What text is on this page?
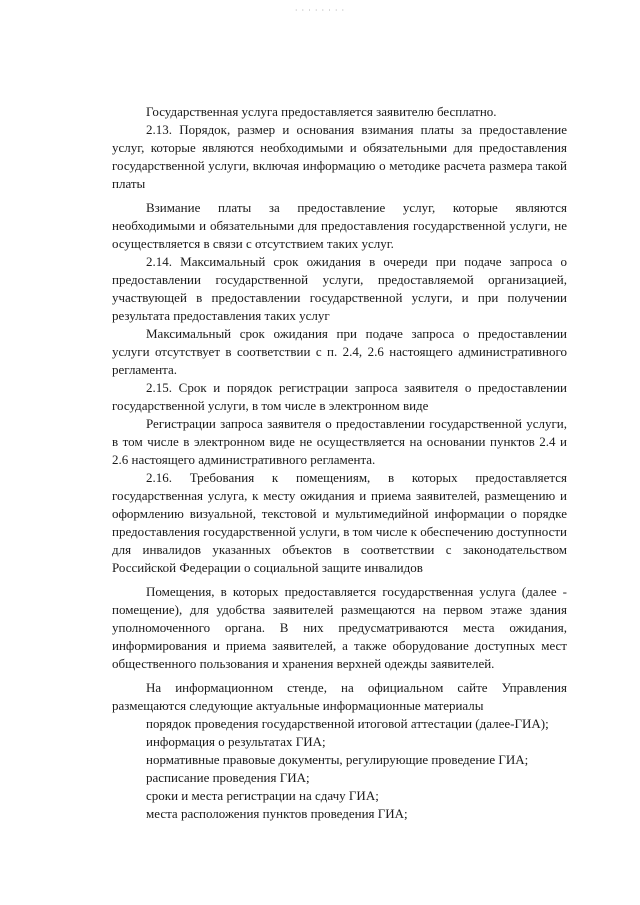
· · · · · · · ·

Государственная услуга предоставляется заявителю бесплатно.

2.13. Порядок, размер и основания взимания платы за предоставление услуг, которые являются необходимыми и обязательными для предоставления государственной услуги, включая информацию о методике расчета размера такой платы

Взимание платы за предоставление услуг, которые являются необходимыми и обязательными для предоставления государственной услуги, не осуществляется в связи с отсутствием таких услуг.

2.14. Максимальный срок ожидания в очереди при подаче запроса о предоставлении государственной услуги, предоставляемой организацией, участвующей в предоставлении государственной услуги, и при получении результата предоставления таких услуг

Максимальный срок ожидания при подаче запроса о предоставлении услуги отсутствует в соответствии с п. 2.4, 2.6 настоящего административного регламента.

2.15. Срок и порядок регистрации запроса заявителя о предоставлении государственной услуги, в том числе в электронном виде

Регистрации запроса заявителя о предоставлении государственной услуги, в том числе в электронном виде не осуществляется на основании пунктов 2.4 и 2.6 настоящего административного регламента.

2.16. Требования к помещениям, в которых предоставляется государственная услуга, к месту ожидания и приема заявителей, размещению и оформлению визуальной, текстовой и мультимедийной информации о порядке предоставления государственной услуги, в том числе к обеспечению доступности для инвалидов указанных объектов в соответствии с законодательством Российской Федерации о социальной защите инвалидов

Помещения, в которых предоставляется государственная услуга (далее - помещение), для удобства заявителей размещаются на первом этаже здания уполномоченного органа. В них предусматриваются места ожидания, информирования и приема заявителей, а также оборудование доступных мест общественного пользования и хранения верхней одежды заявителей.

На информационном стенде, на официальном сайте Управления размещаются следующие актуальные информационные материалы

порядок проведения государственной итоговой аттестации (далее-ГИА);

информация о результатах ГИА;

нормативные правовые документы, регулирующие проведение ГИА;

расписание проведения ГИА;

сроки и места регистрации на сдачу ГИА;

места расположения пунктов проведения ГИА;
